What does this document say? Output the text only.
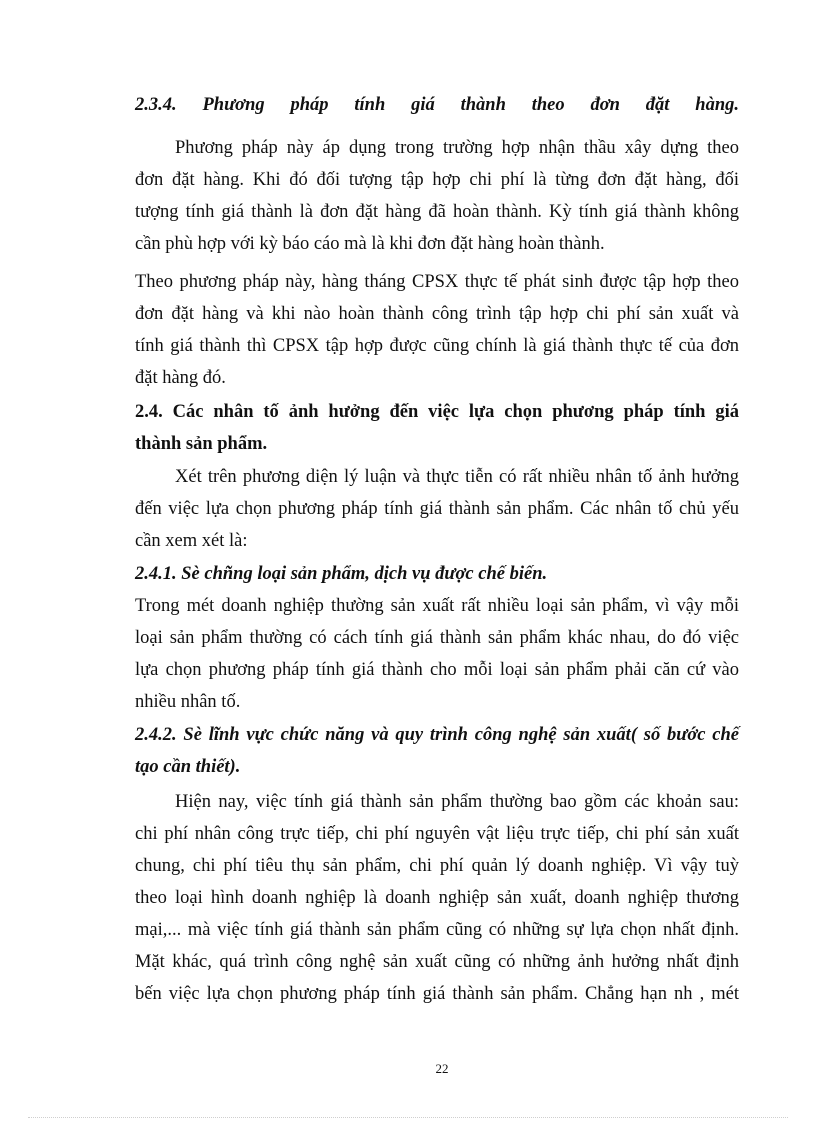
2.3.4. Phương pháp tính giá thành theo đơn đặt hàng.
Phương pháp này áp dụng trong trường hợp nhận thầu xây dựng theo
đơn đặt hàng. Khi đó đối tượng tập hợp chi phí là từng đơn đặt hàng, đối
tượng tính giá thành là đơn đặt hàng đã hoàn thành. Kỳ tính giá thành không
cần phù hợp với kỳ báo cáo mà là khi đơn đặt hàng hoàn thành.
Theo phương pháp này, hàng tháng CPSX thực tế phát sinh được tập hợp theo
đơn đặt hàng và khi nào hoàn thành công trình tập hợp chi phí sản xuất và
tính giá thành thì CPSX tập hợp được cũng chính là giá thành thực tế của đơn
đặt hàng đó.
2.4. Các nhân tố ảnh hưởng đến việc lựa chọn phương pháp tính giá
thành sản phẩm.
Xét trên phương diện lý luận và thực tiễn có rất nhiều nhân tố ảnh hưởng
đến việc lựa chọn phương pháp tính giá thành sản phẩm. Các nhân tố chủ yếu
cần xem xét là:
2.4.1. Sè chñng loại sản phẩm, dịch vụ được chế biến.
Trong mét doanh nghiệp thường sản xuất rất nhiều loại sản phẩm, vì vậy mỗi
loại sản phẩm thường có cách tính giá thành sản phẩm khác nhau, do đó việc
lựa chọn phương pháp tính giá thành cho mỗi loại sản phẩm phải căn cứ vào
nhiều nhân tố.
2.4.2. Sè lĩnh vực chức năng và quy trình công nghệ sản xuất( số bước chế
tạo cần thiết).
Hiện nay, việc tính giá thành sản phẩm thường bao gồm các khoản sau:
chi phí nhân công trực tiếp, chi phí nguyên vật liệu trực tiếp, chi phí sản xuất
chung, chi phí tiêu thụ sản phẩm, chi phí quản lý doanh nghiệp. Vì vậy tuỳ
theo loại hình doanh nghiệp là doanh nghiệp sản xuất, doanh nghiệp thương
mại,... mà việc tính giá thành sản phẩm cũng có những sự lựa chọn nhất định.
Mặt khác, quá trình công nghệ sản xuất cũng có những ảnh hưởng nhất định
bến việc lựa chọn phương pháp tính giá thành sản phẩm. Chẳng hạn nh , mét
22
